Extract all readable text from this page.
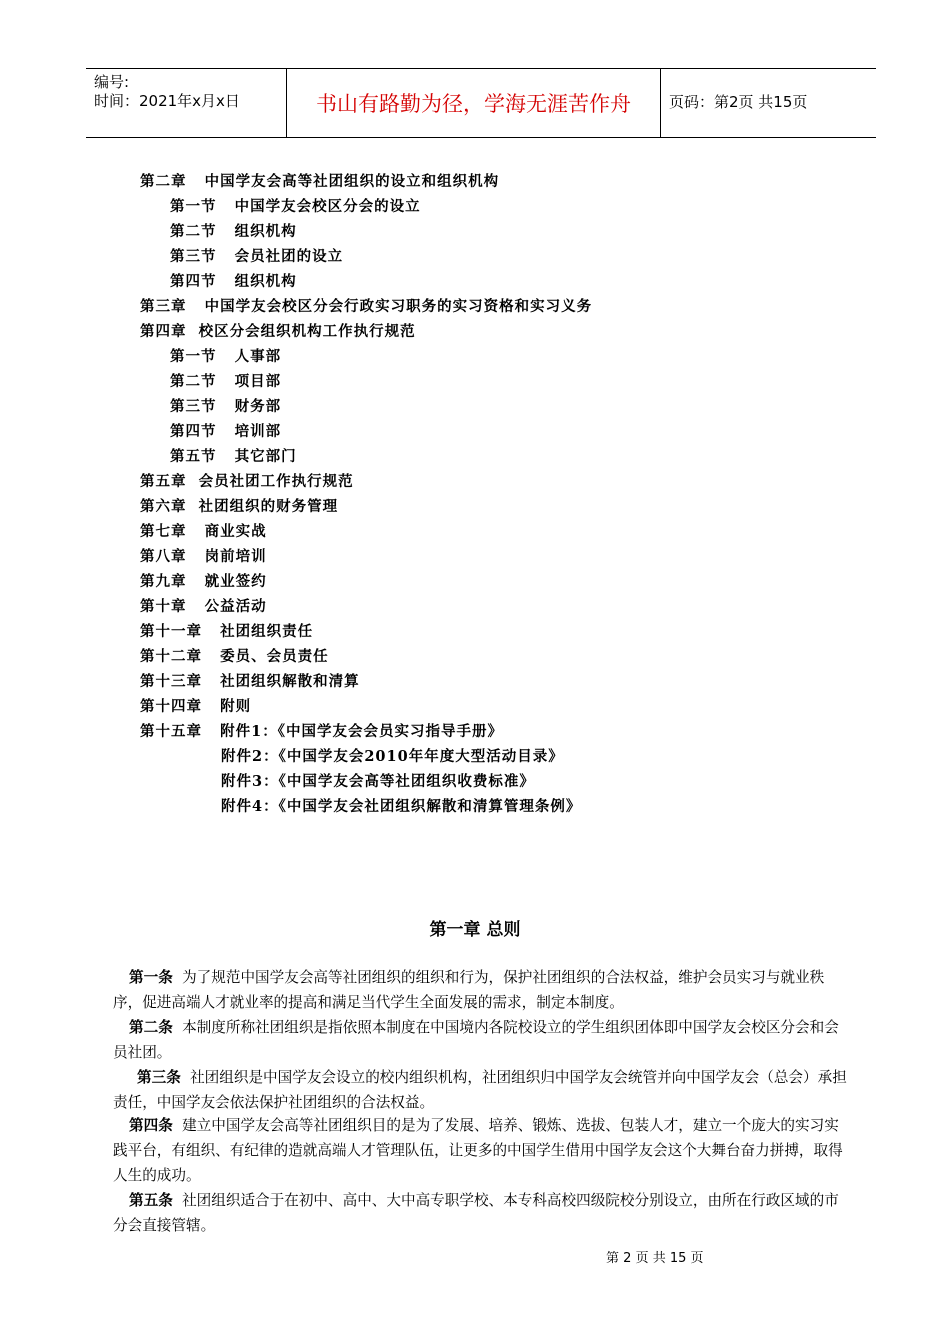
编号:
时间：2021年x月x日	书山有路勤为径，学海无涯苦作舟	页码：第2页 共15页
第二章 中国学友会高等社团组织的设立和组织机构
第一节 中国学友会校区分会的设立
第二节 组织机构
第三节 会员社团的设立
第四节 组织机构
第三章 中国学友会校区分会行政实习职务的实习资格和实习义务
第四章 校区分会组织机构工作执行规范
第一节 人事部
第二节 项目部
第三节 财务部
第四节 培训部
第五节 其它部门
第五章 会员社团工作执行规范
第六章 社团组织的财务管理
第七章 商业实战
第八章 岗前培训
第九章 就业签约
第十章 公益活动
第十一章 社团组织责任
第十二章 委员、会员责任
第十三章 社团组织解散和清算
第十四章 附则
第十五章 附件1：《中国学友会会员实习指导手册》
附件2：《中国学友会2010年年度大型活动目录》
附件3：《中国学友会高等社团组织收费标准》
附件4：《中国学友会社团组织解散和清算管理条例》
第一章 总则
第一条 为了规范中国学友会高等社团组织的组织和行为，保护社团组织的合法权益，维护会员实习与就业秩序，促进高端人才就业率的提高和满足当代学生全面发展的需求，制定本制度。
第二条 本制度所称社团组织是指依照本制度在中国境内各院校设立的学生组织团体即中国学友会校区分会和会员社团。
第三条 社团组织是中国学友会设立的校内组织机构，社团组织归中国学友会统管并向中国学友会（总会）承担责任，中国学友会依法保护社团组织的合法权益。
第四条 建立中国学友会高等社团组织目的是为了发展、培养、锻炼、选拔、包装人才，建立一个庞大的实习实践平台，有组织、有纪律的造就高端人才管理队伍，让更多的中国学生借用中国学友会这个大舞台奋力拼搏，取得人生的成功。
第五条 社团组织适合于在初中、高中、大中高专职学校、本专科高校四级院校分别设立，由所在行政区域的市分会直接管辖。
第 2 页 共 15 页
